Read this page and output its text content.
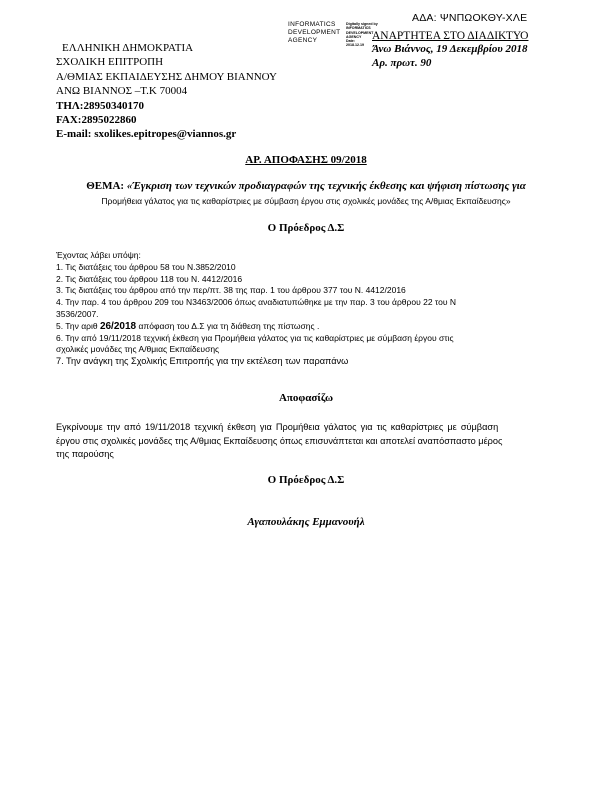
ΑΔΑ: ΨΝΠΩΟΚΘΥ-ΧΛΕ
INFORMATICS
DEVELOPMENT
AGENCY
Digitally signed by
INFORMATICS
DEVELOPMENT
AGENCY
Date:
2018.12.19
ΑΝΑΡΤΗΤΕΑ ΣΤΟ ΔΙΑΔΙΚΤΥΟ
ΕΛΛΗΝΙΚΗ ΔΗΜΟΚΡΑΤΙΑ
ΣΧΟΛΙΚΗ ΕΠΙΤΡΟΠΗ
Α/ΘΜΙΑΣ ΕΚΠΑΙΔΕΥΣΗΣ ΔΗΜΟΥ ΒΙΑΝΝΟΥ
ΑΝΩ ΒΙΑΝΝΟΣ –Τ.Κ 70004
ΤΗΛ:28950340170
FAX:2895022860
E-mail: sxolikes.epitropes@viannos.gr
Άνω Βιάννος, 19 Δεκεμβρίου 2018
Αρ. πρωτ. 90
ΑΡ. ΑΠΟΦΑΣΗΣ 09/2018
ΘΕΜΑ: «Έγκριση των τεχνικών προδιαγραφών της τεχνικής έκθεσης και ψήφιση πίστωσης για
Προμήθεια γάλατος για τις καθαρίστριες με σύμβαση έργου στις σχολικές μονάδες της Α/θμιας Εκπαίδευσης»
Ο Πρόεδρος Δ.Σ
Έχοντας λάβει υπόψη:
1. Τις διατάξεις του άρθρου 58 του Ν.3852/2010
2. Τις διατάξεις του άρθρου 118 του Ν. 4412/2016
3. Τις διατάξεις του άρθρου από την περ/πτ. 38 της παρ. 1 του άρθρου 377 του Ν. 4412/2016
4. Την παρ. 4 του άρθρου 209 του Ν3463/2006 όπως αναδιατυπώθηκε με την παρ. 3 του άρθρου 22 του Ν
3536/2007.
5. Την αριθ 26/2018 απόφαση του Δ.Σ για τη διάθεση της πίστωσης .
6. Την από 19/11/2018 τεχνική έκθεση για Προμήθεια γάλατος για τις καθαρίστριες με σύμβαση έργου στις
σχολικές μονάδες της Α/θμιας Εκπαίδευσης
7. Την ανάγκη της Σχολικής Επιτροπής για την εκτέλεση των παραπάνω
Αποφασίζω
Εγκρίνουμε την από 19/11/2018 τεχνική έκθεση για Προμήθεια γάλατος για τις καθαρίστριες με σύμβαση
έργου στις σχολικές μονάδες της Α/θμιας Εκπαίδευσης όπως επισυνάπτεται και αποτελεί αναπόσπαστο μέρος
της παρούσης
Ο Πρόεδρος Δ.Σ
Αγαπουλάκης Εμμανουήλ
